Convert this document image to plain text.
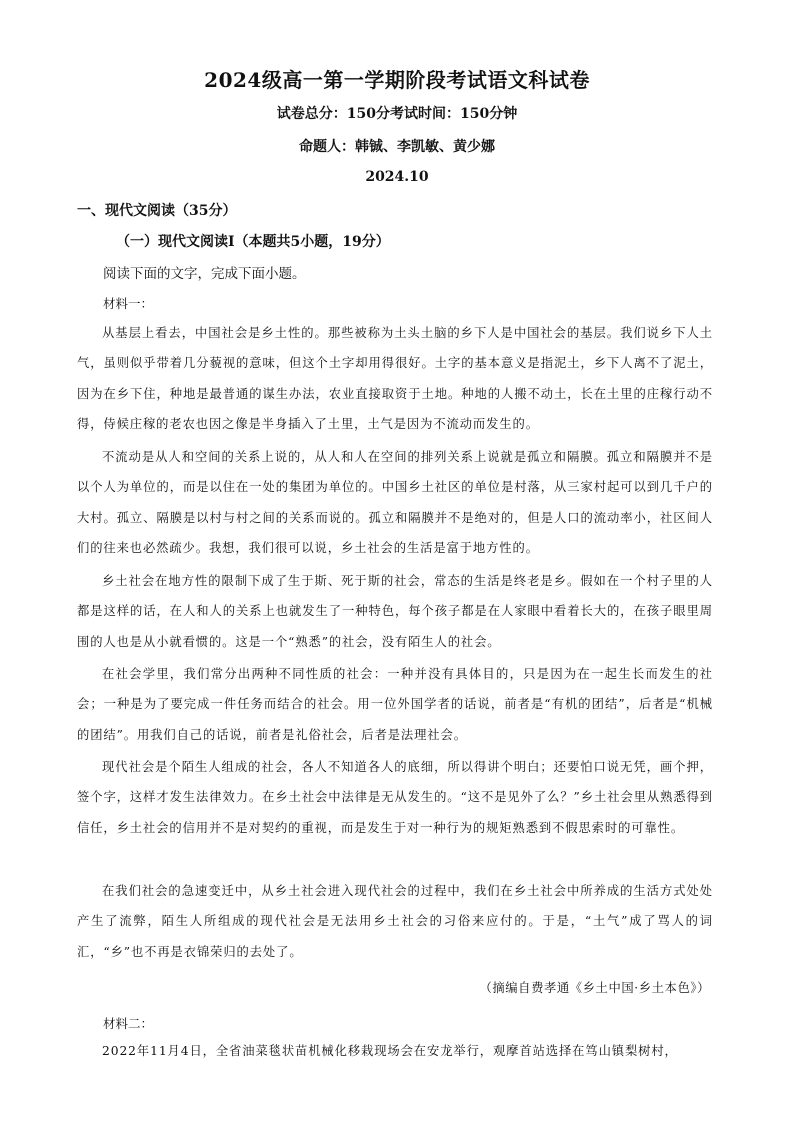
2024级高一第一学期阶段考试语文科试卷
试卷总分：150分考试时间：150分钟
命题人：韩铖、李凯敏、黄少娜
2024.10
一、现代文阅读（35分）
（一）现代文阅读Ⅰ（本题共5小题，19分）
阅读下面的文字，完成下面小题。
材料一：

从基层上看去，中国社会是乡土性的。那些被称为土头土脑的乡下人是中国社会的基层。我们说乡下人土气，虽则似乎带着几分藐视的意味，但这个土字却用得很好。土字的基本意义是指泥土，乡下人离不了泥土，因为在乡下住，种地是最普通的谋生办法，农业直接取资于土地。种地的人搬不动土，长在土里的庄稼行动不得，侍候庄稼的老农也因之像是半身插入了土里，土气是因为不流动而发生的。

不流动是从人和空间的关系上说的，从人和人在空间的排列关系上说就是孤立和隔膜。孤立和隔膜并不是以个人为单位的，而是以住在一处的集团为单位的。中国乡土社区的单位是村落，从三家村起可以到几千户的大村。孤立、隔膜是以村与村之间的关系而说的。孤立和隔膜并不是绝对的，但是人口的流动率小，社区间人们的往来也必然疏少。我想，我们很可以说，乡土社会的生活是富于地方性的。

乡土社会在地方性的限制下成了生于斯、死于斯的社会，常态的生活是终老是乡。假如在一个村子里的人都是这样的话，在人和人的关系上也就发生了一种特色，每个孩子都是在人家眼中看着长大的，在孩子眼里周围的人也是从小就看惯的。这是一个“熟悉”的社会，没有陌生人的社会。

在社会学里，我们常分出两种不同性质的社会：一种并没有具体目的，只是因为在一起生长而发生的社会；一种是为了要完成一件任务而结合的社会。用一位外国学者的话说，前者是“有机的团结”，后者是“机械的团结”。用我们自己的话说，前者是礼俗社会，后者是法理社会。

现代社会是个陌生人组成的社会，各人不知道各人的底细，所以得讲个明白；还要怕口说无凭，画个押，签个字，这样才发生法律效力。在乡土社会中法律是无从发生的。“这不是见外了么？”乡土社会里从熟悉得到信任，乡土社会的信用并不是对契约的重视，而是发生于对一种行为的规矩熟悉到不假思索时的可靠性。

在我们社会的急速变迁中，从乡土社会进入现代社会的过程中，我们在乡土社会中所养成的生活方式处处产生了流弊，陌生人所组成的现代社会是无法用乡土社会的习俗来应付的。于是，“土气”成了骂人的词汇，“乡”也不再是衣锦荣归的去处了。

（摘编自费孝通《乡土中国·乡土本色》）
材料二：

2022年11月4日，全省油菜毯状苗机械化移栽现场会在安龙举行，观摩首站选择在笃山镇梨树村，
